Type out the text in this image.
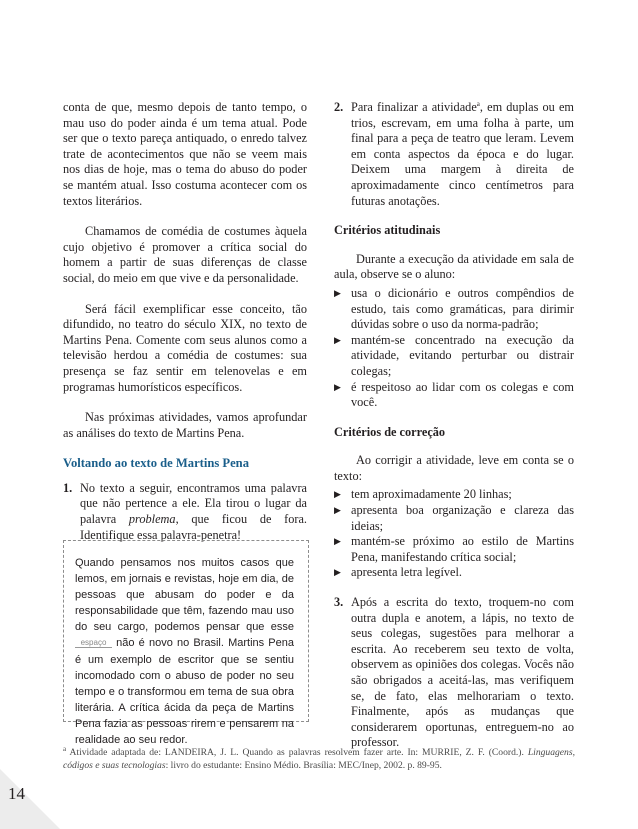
conta de que, mesmo depois de tanto tempo, o mau uso do poder ainda é um tema atual. Pode ser que o texto pareça antiquado, o enredo talvez trate de acontecimentos que não se veem mais nos dias de hoje, mas o tema do abuso do poder se mantém atual. Isso costuma acontecer com os textos literários.

Chamamos de comédia de costumes àquela cujo objetivo é promover a crítica social do homem a partir de suas diferenças de classe social, do meio em que vive e da personalidade.

Será fácil exemplificar esse conceito, tão difundido, no teatro do século XIX, no texto de Martins Pena. Comente com seus alunos como a televisão herdou a comédia de costumes: sua presença se faz sentir em telenovelas e em programas humorísticos específicos.

Nas próximas atividades, vamos aprofundar as análises do texto de Martins Pena.

Voltando ao texto de Martins Pena
1. No texto a seguir, encontramos uma palavra que não pertence a ele. Ela tirou o lugar da palavra problema, que ficou de fora. Identifique essa palavra-penetra!
Quando pensamos nos muitos casos que lemos, em jornais e revistas, hoje em dia, de pessoas que abusam do poder e da responsabilidade que têm, fazendo mau uso do seu cargo, podemos pensar que esse espaço não é novo no Brasil. Martins Pena é um exemplo de escritor que se sentiu incomodado com o abuso de poder no seu tempo e o transformou em tema de sua obra literária. A crítica ácida da peça de Martins Pena fazia as pessoas rirem e pensarem na realidade ao seu redor.
2. Para finalizar a atividade$^a$, em duplas ou em trios, escrevam, em uma folha à parte, um final para a peça de teatro que leram. Levem em conta aspectos da época e do lugar. Deixem uma margem à direita de aproximadamente cinco centímetros para futuras anotações.
Critérios atitudinais

Durante a execução da atividade em sala de aula, observe se o aluno:

▶ usa o dicionário e outros compêndios de estudo, tais como gramáticas, para dirimir dúvidas sobre o uso da norma-padrão;
▶ mantém-se concentrado na execução da atividade, evitando perturbar ou distrair colegas;
▶ é respeitoso ao lidar com os colegas e com você.
Critérios de correção

Ao corrigir a atividade, leve em conta se o texto:

▶ tem aproximadamente 20 linhas;
▶ apresenta boa organização e clareza das ideias;
▶ mantém-se próximo ao estilo de Martins Pena, manifestando crítica social;
▶ apresenta letra legível.
3. Após a escrita do texto, troquem-no com outra dupla e anotem, a lápis, no texto de seus colegas, sugestões para melhorar a escrita. Ao receberem seu texto de volta, observem as opiniões dos colegas. Vocês não são obrigados a aceitá-las, mas verifiquem se, de fato, elas melhorariam o texto. Finalmente, após as mudanças que considerarem oportunas, entreguem-no ao professor.
$^a$ Atividade adaptada de: LANDEIRA, J. L. Quando as palavras resolvem fazer arte. In: MURRIE, Z. F. (Coord.). Linguagens, códigos e suas tecnologias: livro do estudante: Ensino Médio. Brasília: MEC/Inep, 2002. p. 89-95.
14
